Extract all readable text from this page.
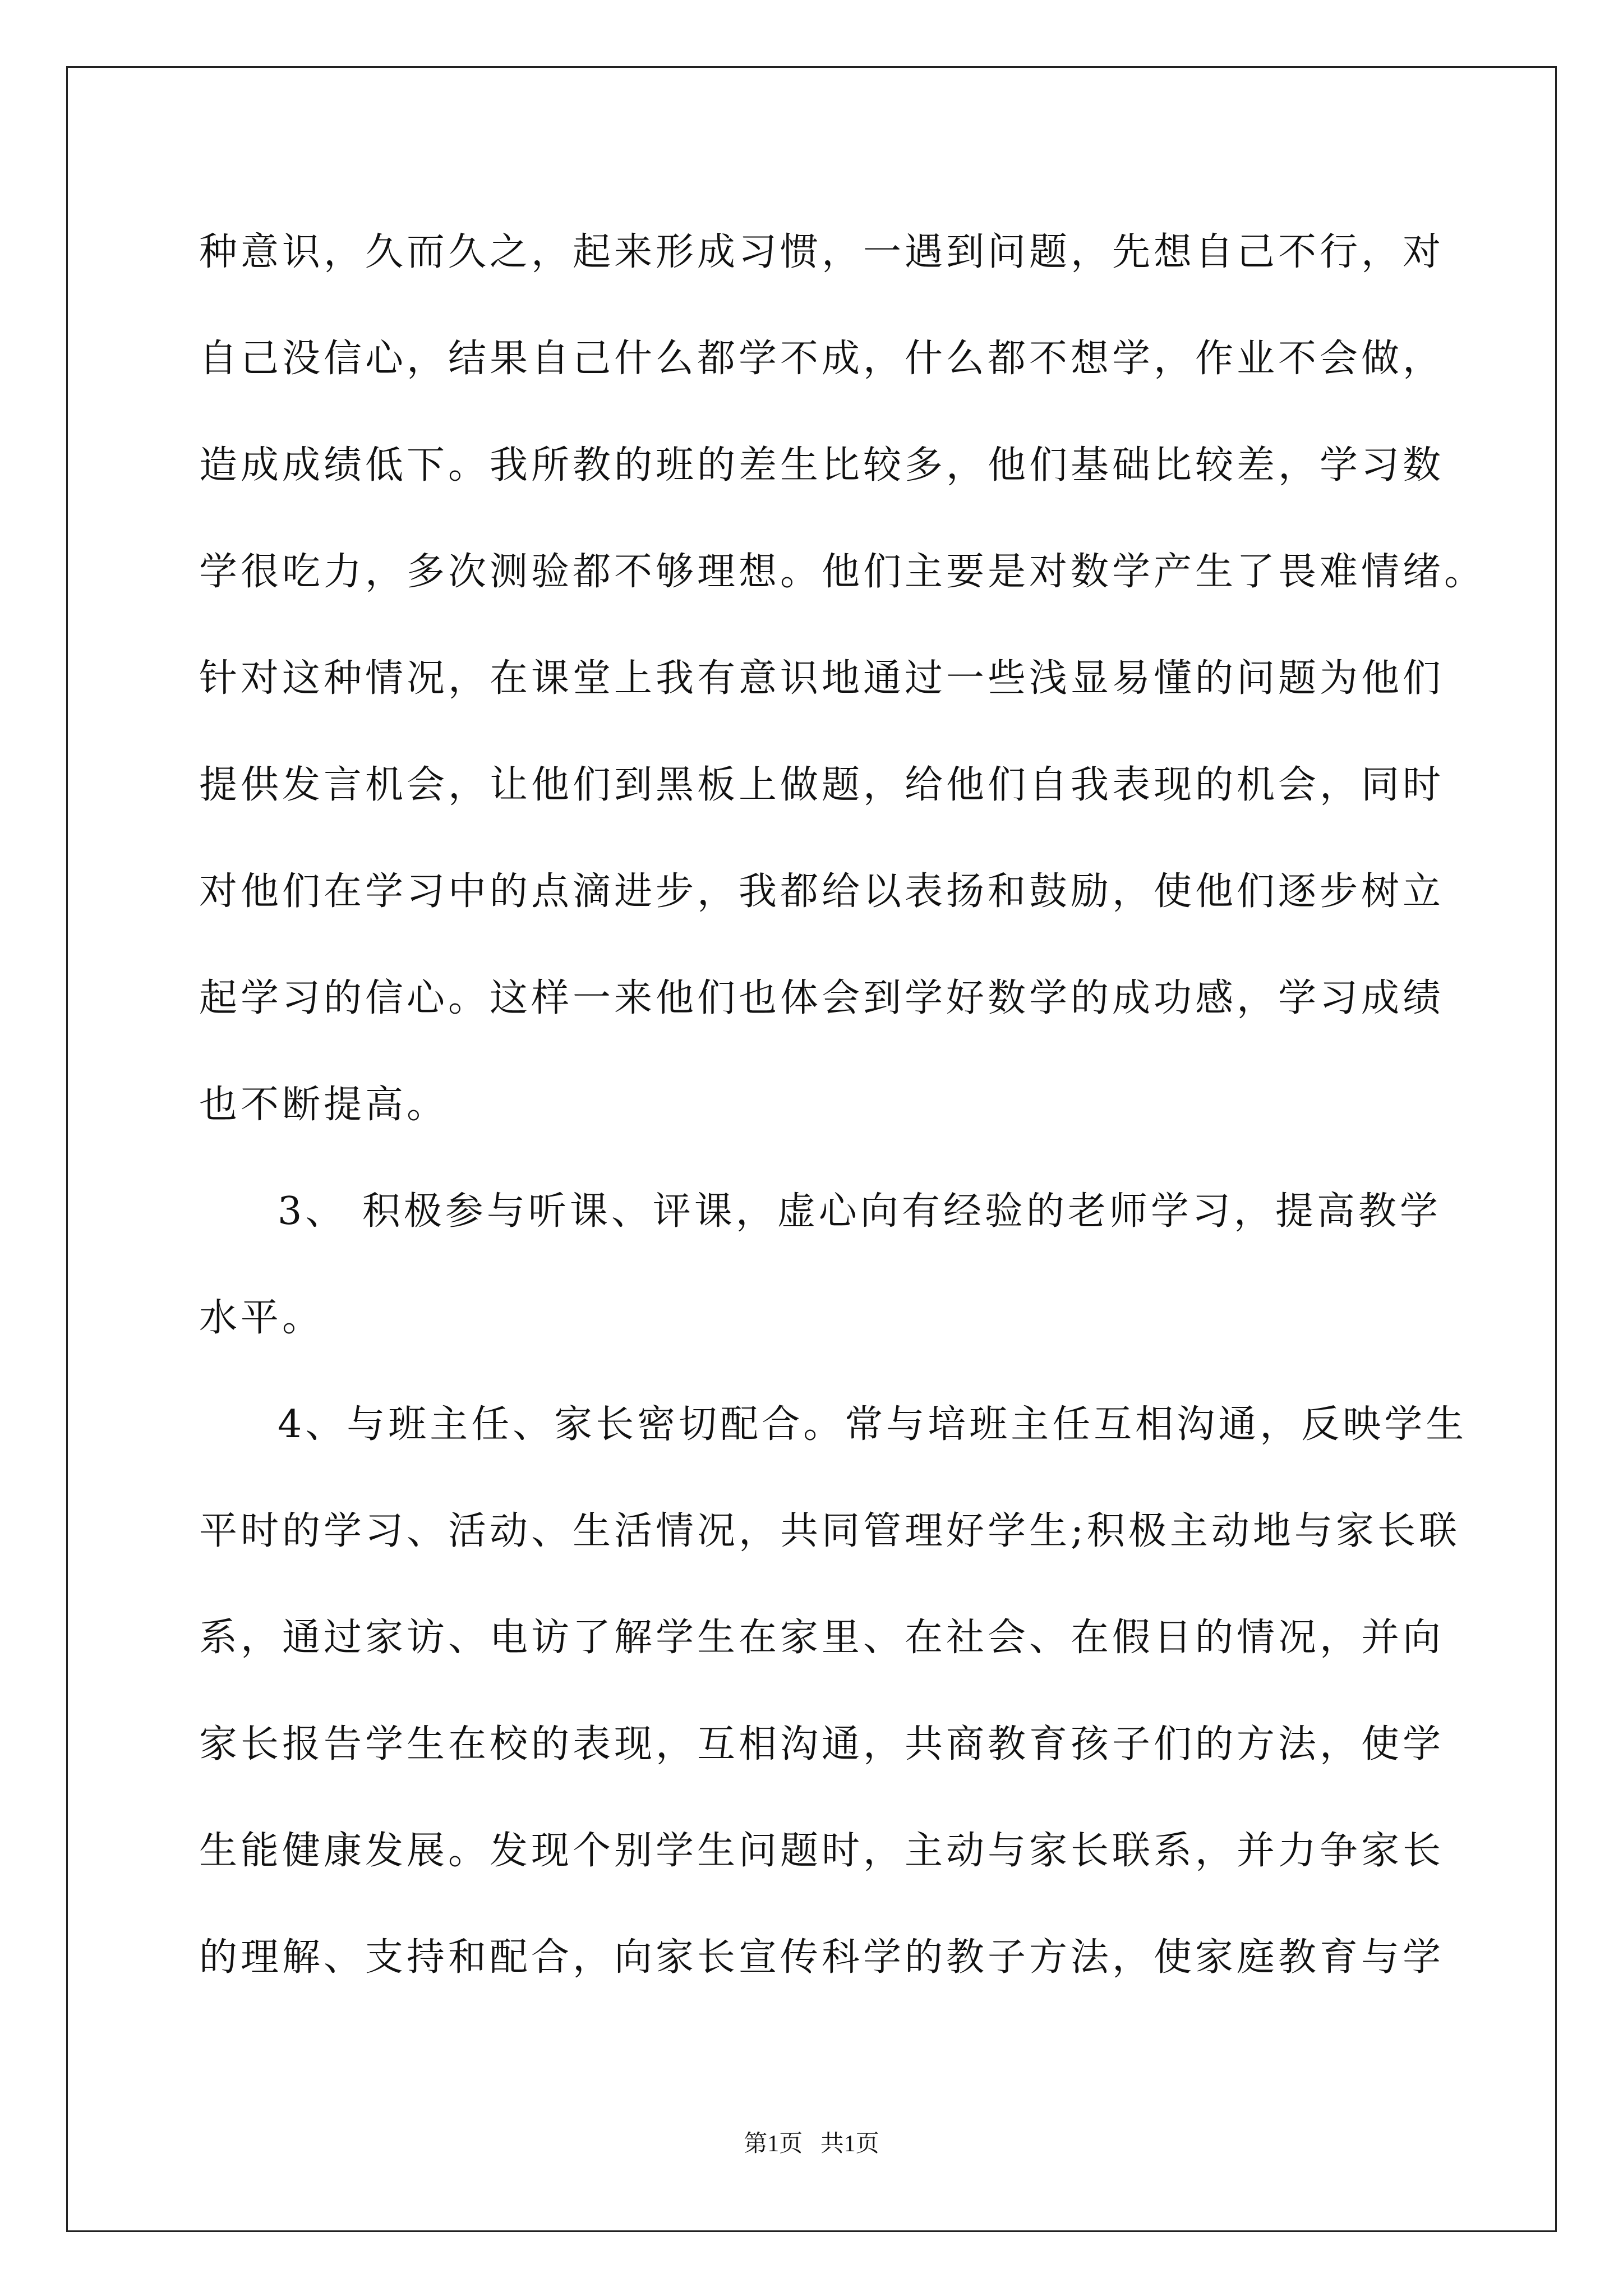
种意识，久而久之，起来形成习惯，一遇到问题，先想自己不行，对

自己没信心，结果自己什么都学不成，什么都不想学，作业不会做，

造成成绩低下。我所教的班的差生比较多，他们基础比较差，学习数

学很吃力，多次测验都不够理想。他们主要是对数学产生了畏难情绪。

针对这种情况，在课堂上我有意识地通过一些浅显易懂的问题为他们

提供发言机会，让他们到黑板上做题，给他们自我表现的机会，同时

对他们在学习中的点滴进步，我都给以表扬和鼓励，使他们逐步树立

起学习的信心。这样一来他们也体会到学好数学的成功感，学习成绩

也不断提高。

3、 积极参与听课、评课，虚心向有经验的老师学习，提高教学

水平。

4、与班主任、家长密切配合。常与培班主任互相沟通，反映学生

平时的学习、活动、生活情况，共同管理好学生;积极主动地与家长联

系，通过家访、电访了解学生在家里、在社会、在假日的情况，并向

家长报告学生在校的表现，互相沟通，共商教育孩子们的方法，使学

生能健康发展。发现个别学生问题时，主动与家长联系，并力争家长

的理解、支持和配合，向家长宣传科学的教子方法，使家庭教育与学

第1页   共1页
